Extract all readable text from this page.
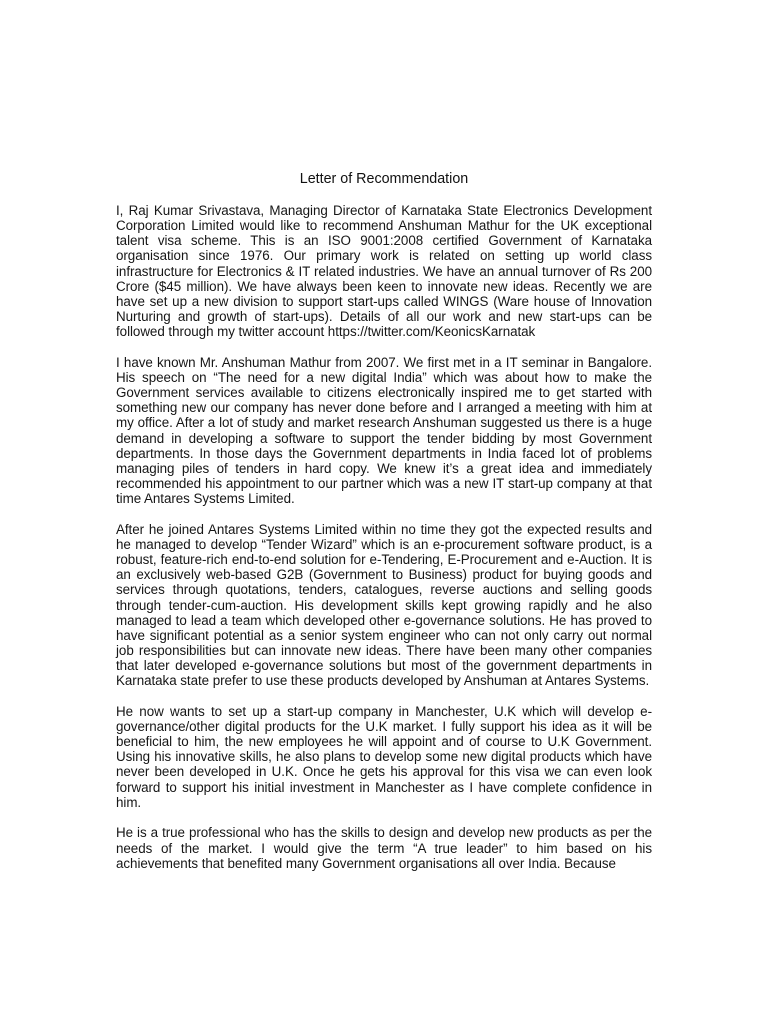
Letter of Recommendation

I, Raj Kumar Srivastava, Managing Director of Karnataka State Electronics Development Corporation Limited would like to recommend Anshuman Mathur for the UK exceptional talent visa scheme. This is an ISO 9001:2008 certified Government of Karnataka organisation since 1976. Our primary work is related on setting up world class infrastructure for Electronics & IT related industries. We have an annual turnover of Rs 200 Crore ($45 million). We have always been keen to innovate new ideas. Recently we are have set up a new division to support start-ups called WINGS (Ware house of Innovation Nurturing and growth of start-ups). Details of all our work and new start-ups can be followed through my twitter account https://twitter.com/KeonicsKarnatak

I have known Mr. Anshuman Mathur from 2007. We first met in a IT seminar in Bangalore. His speech on “The need for a new digital India” which was about how to make the Government services available to citizens electronically inspired me to get started with something new our company has never done before and I arranged a meeting with him at my office. After a lot of study and market research Anshuman suggested us there is a huge demand in developing a software to support the tender bidding by most Government departments. In those days the Government departments in India faced lot of problems managing piles of tenders in hard copy. We knew it’s a great idea and immediately recommended his appointment to our partner which was a new IT start-up company at that time Antares Systems Limited.

After he joined Antares Systems Limited within no time they got the expected results and he managed to develop “Tender Wizard” which is an e-procurement software product, is a robust, feature-rich end-to-end solution for e-Tendering, E-Procurement and e-Auction. It is an exclusively web-based G2B (Government to Business) product for buying goods and services through quotations, tenders, catalogues, reverse auctions and selling goods through tender-cum-auction. His development skills kept growing rapidly and he also managed to lead a team which developed other e-governance solutions. He has proved to have significant potential as a senior system engineer who can not only carry out normal job responsibilities but can innovate new ideas. There have been many other companies that later developed e-governance solutions but most of the government departments in Karnataka state prefer to use these products developed by Anshuman at Antares Systems.

He now wants to set up a start-up company in Manchester, U.K which will develop e-governance/other digital products for the U.K market. I fully support his idea as it will be beneficial to him, the new employees he will appoint and of course to U.K Government. Using his innovative skills, he also plans to develop some new digital products which have never been developed in U.K. Once he gets his approval for this visa we can even look forward to support his initial investment in Manchester as I have complete confidence in him.

He is a true professional who has the skills to design and develop new products as per the needs of the market. I would give the term “A true leader” to him based on his achievements that benefited many Government organisations all over India. Because
